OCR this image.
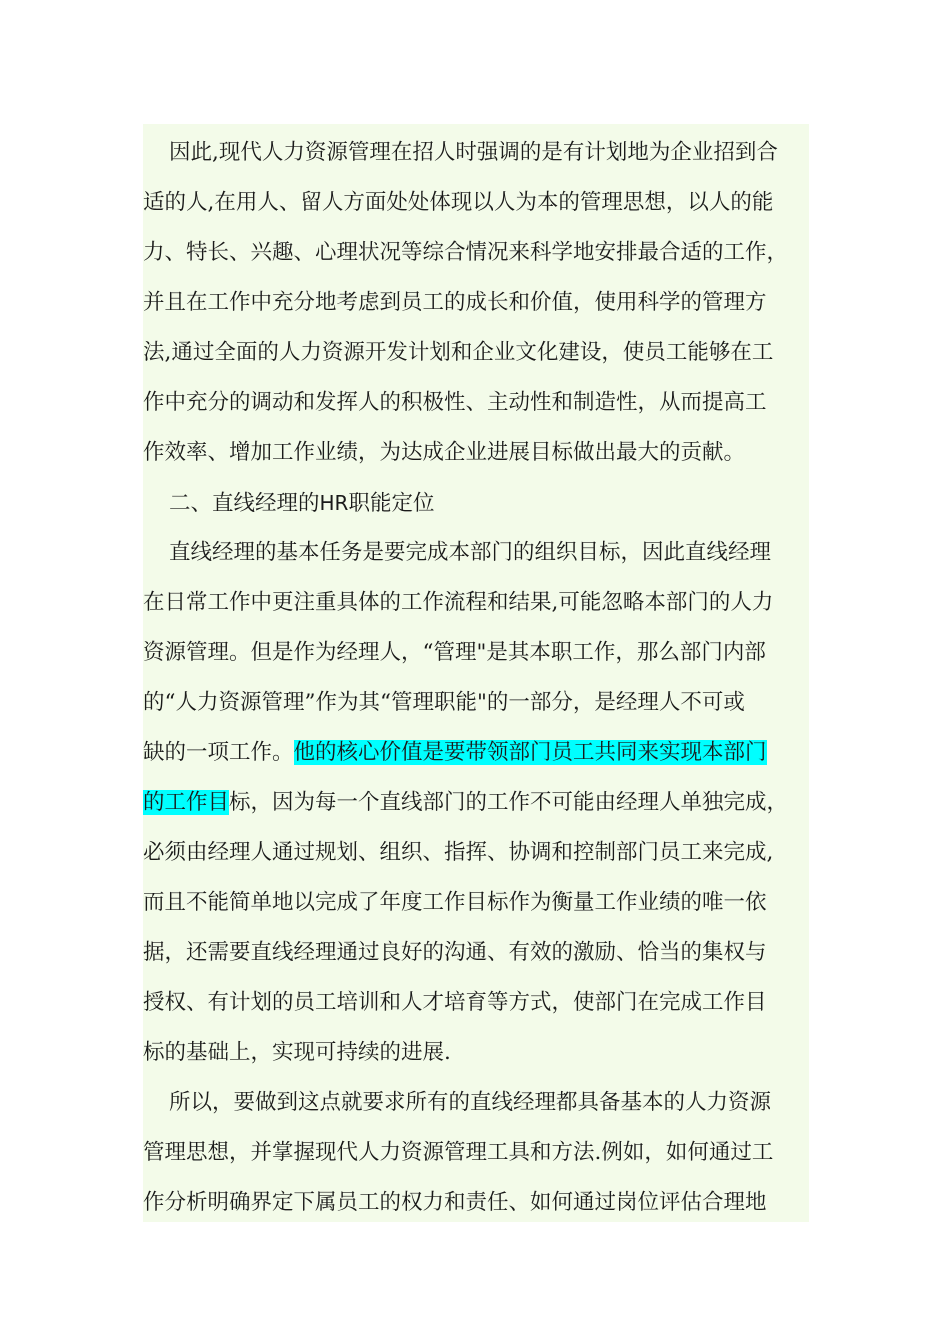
因此,现代人力资源管理在招人时强调的是有计划地为企业招到合
适的人,在用人、留人方面处处体现以人为本的管理思想，以人的能
力、特长、兴趣、心理状况等综合情况来科学地安排最合适的工作，
并且在工作中充分地考虑到员工的成长和价值，使用科学的管理方
法,通过全面的人力资源开发计划和企业文化建设，使员工能够在工
作中充分的调动和发挥人的积极性、主动性和制造性，从而提高工
作效率、增加工作业绩，为达成企业进展目标做出最大的贡献。
二、直线经理的HR职能定位
直线经理的基本任务是要完成本部门的组织目标，因此直线经理
在日常工作中更注重具体的工作流程和结果,可能忽略本部门的人力
资源管理。但是作为经理人，“管理"是其本职工作，那么部门内部
的“人力资源管理”作为其“管理职能"的一部分，是经理人不可或
缺的一项工作。他的核心价值是要带领部门员工共同来实现本部门
的工作目标，因为每一个直线部门的工作不可能由经理人单独完成，
必须由经理人通过规划、组织、指挥、协调和控制部门员工来完成,
而且不能简单地以完成了年度工作目标作为衡量工作业绩的唯一依
据，还需要直线经理通过良好的沟通、有效的激励、恰当的集权与
授权、有计划的员工培训和人才培育等方式，使部门在完成工作目
标的基础上，实现可持续的进展.
所以，要做到这点就要求所有的直线经理都具备基本的人力资源
管理思想，并掌握现代人力资源管理工具和方法.例如，如何通过工
作分析明确界定下属员工的权力和责任、如何通过岗位评估合理地
